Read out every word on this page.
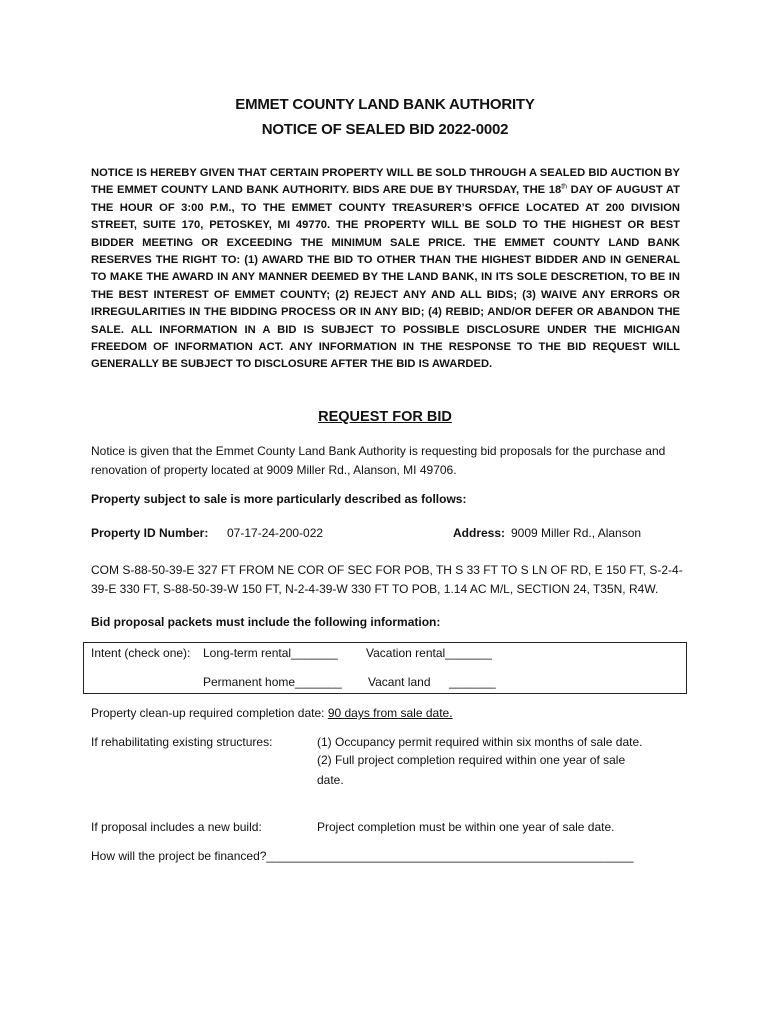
EMMET COUNTY LAND BANK AUTHORITY
NOTICE OF SEALED BID 2022-0002
NOTICE IS HEREBY GIVEN THAT CERTAIN PROPERTY WILL BE SOLD THROUGH A SEALED BID AUCTION BY THE EMMET COUNTY LAND BANK AUTHORITY. BIDS ARE DUE BY THURSDAY, THE 18th DAY OF AUGUST AT THE HOUR OF 3:00 P.M., TO THE EMMET COUNTY TREASURER’S OFFICE LOCATED AT 200 DIVISION STREET, SUITE 170, PETOSKEY, MI 49770. THE PROPERTY WILL BE SOLD TO THE HIGHEST OR BEST BIDDER MEETING OR EXCEEDING THE MINIMUM SALE PRICE. THE EMMET COUNTY LAND BANK RESERVES THE RIGHT TO: (1) AWARD THE BID TO OTHER THAN THE HIGHEST BIDDER AND IN GENERAL TO MAKE THE AWARD IN ANY MANNER DEEMED BY THE LAND BANK, IN ITS SOLE DESCRETION, TO BE IN THE BEST INTEREST OF EMMET COUNTY; (2) REJECT ANY AND ALL BIDS; (3) WAIVE ANY ERRORS OR IRREGULARITIES IN THE BIDDING PROCESS OR IN ANY BID; (4) REBID; AND/OR DEFER OR ABANDON THE SALE. ALL INFORMATION IN A BID IS SUBJECT TO POSSIBLE DISCLOSURE UNDER THE MICHIGAN FREEDOM OF INFORMATION ACT. ANY INFORMATION IN THE RESPONSE TO THE BID REQUEST WILL GENERALLY BE SUBJECT TO DISCLOSURE AFTER THE BID IS AWARDED.
REQUEST FOR BID
Notice is given that the Emmet County Land Bank Authority is requesting bid proposals for the purchase and renovation of property located at 9009 Miller Rd., Alanson, MI 49706.
Property subject to sale is more particularly described as follows:
Property ID Number: 07-17-24-200-022	Address: 9009 Miller Rd., Alanson
COM S-88-50-39-E 327 FT FROM NE COR OF SEC FOR POB, TH S 33 FT TO S LN OF RD, E 150 FT, S-2-4-39-E 330 FT, S-88-50-39-W 150 FT, N-2-4-39-W 330 FT TO POB, 1.14 AC M/L, SECTION 24, T35N, R4W.
Bid proposal packets must include the following information:
Intent (check one): Long-term rental_______ Vacation rental_______
Permanent home_______ Vacant land _______
Property clean-up required completion date: 90 days from sale date.
If rehabilitating existing structures:	(1) Occupancy permit required within six months of sale date.
(2) Full project completion required within one year of sale
date.
If proposal includes a new build:	Project completion must be within one year of sale date.
How will the project be financed?_______________________________________________________
